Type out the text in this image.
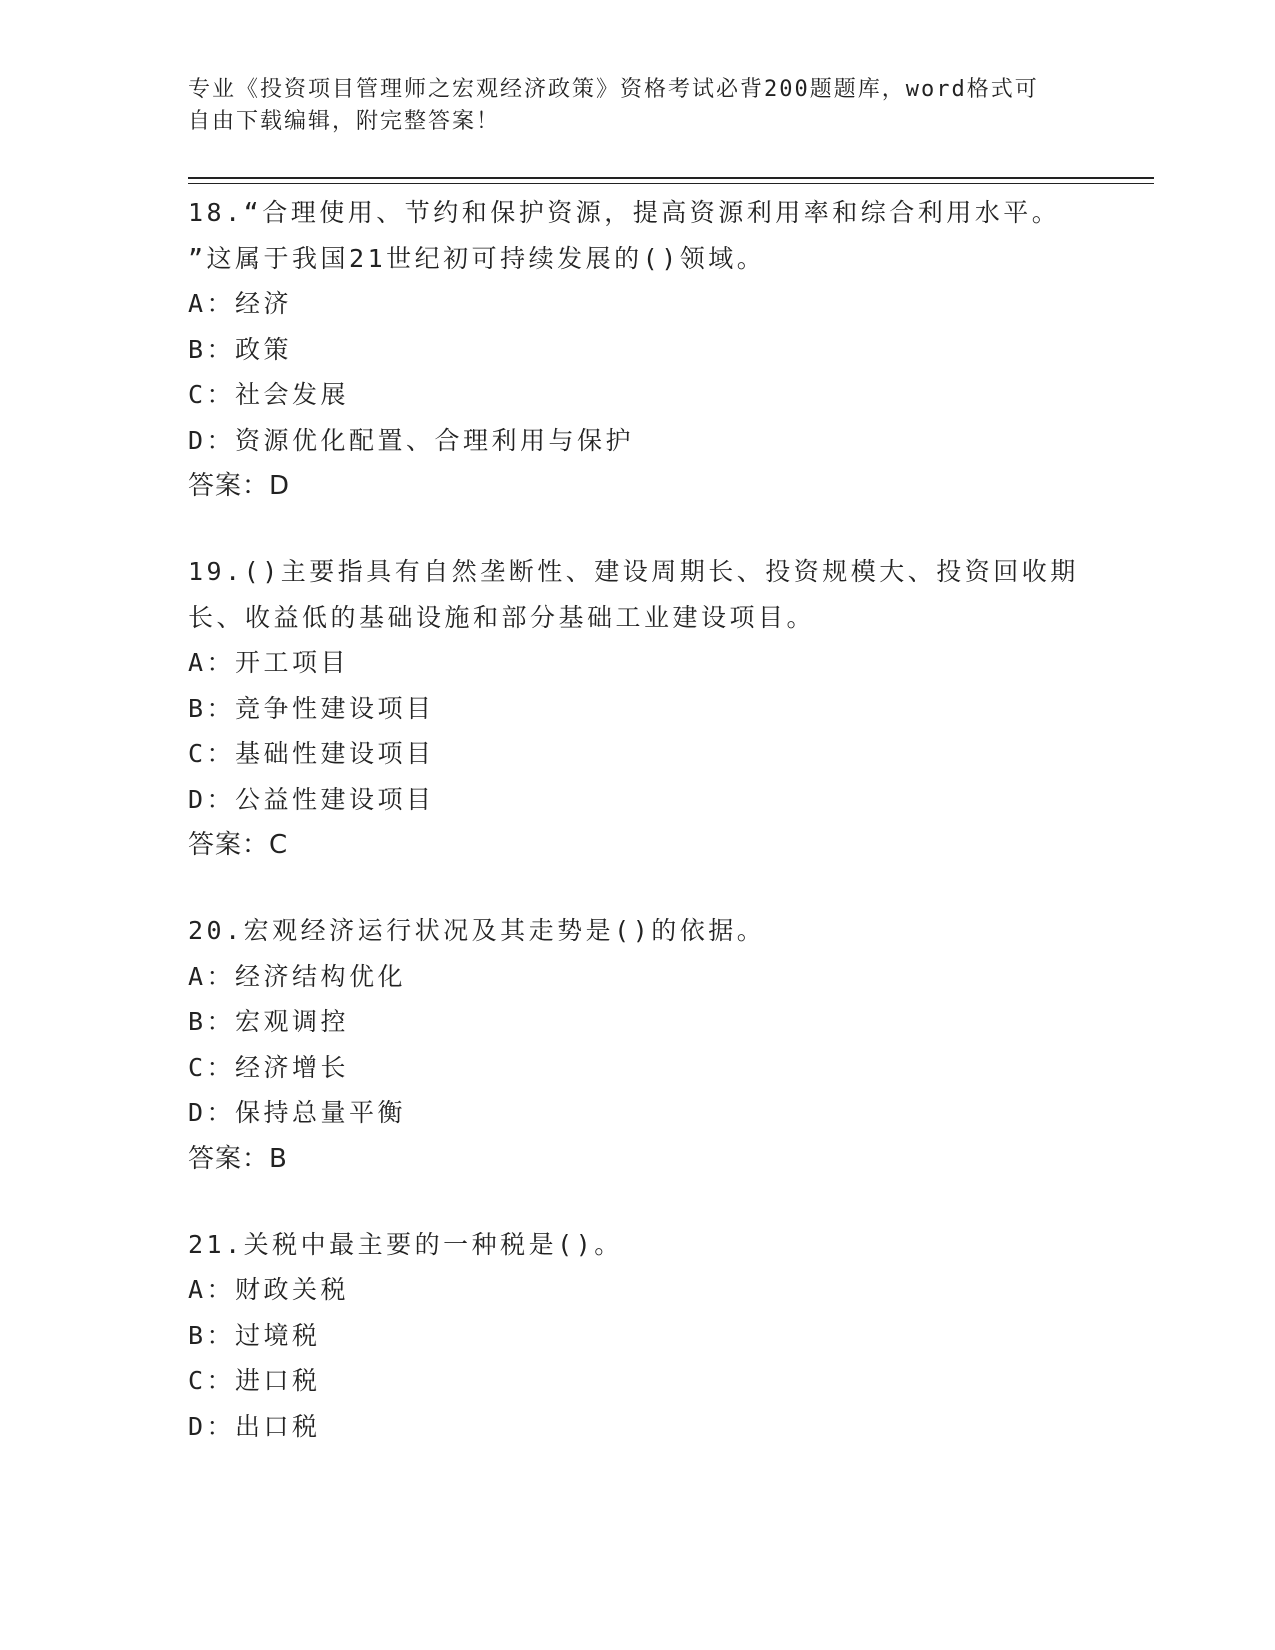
专业《投资项目管理师之宏观经济政策》资格考试必背200题题库，word格式可
自由下载编辑，附完整答案！
18.“合理使用、节约和保护资源，提高资源利用率和综合利用水平。
”这属于我国21世纪初可持续发展的()领域。
A：经济
B：政策
C：社会发展
D：资源优化配置、合理利用与保护
答案：D
19.()主要指具有自然垄断性、建设周期长、投资规模大、投资回收期
长、收益低的基础设施和部分基础工业建设项目。
A：开工项目
B：竞争性建设项目
C：基础性建设项目
D：公益性建设项目
答案：C
20.宏观经济运行状况及其走势是()的依据。
A：经济结构优化
B：宏观调控
C：经济增长
D：保持总量平衡
答案：B
21.关税中最主要的一种税是()。
A：财政关税
B：过境税
C：进口税
D：出口税
